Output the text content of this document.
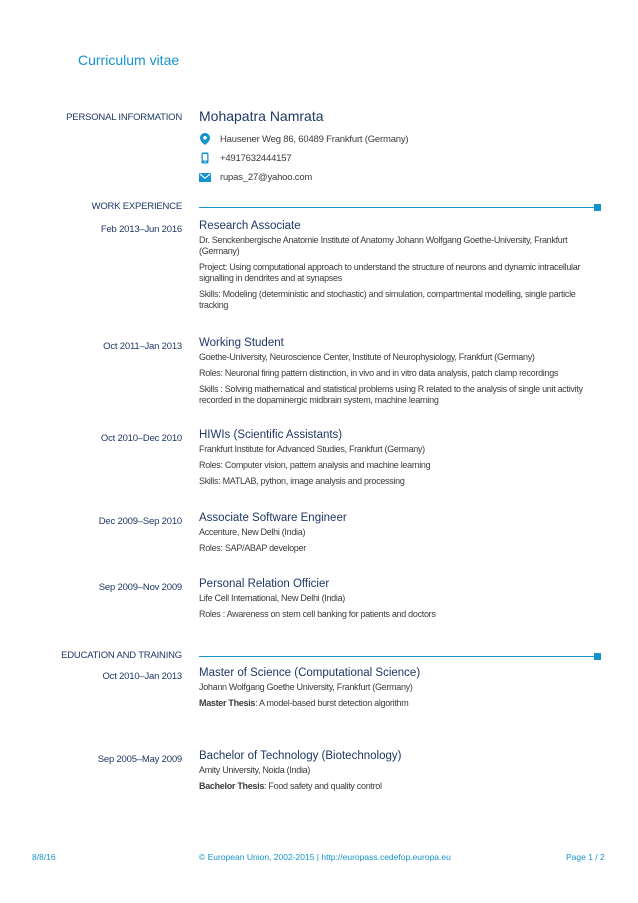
Curriculum vitae
PERSONAL INFORMATION Mohapatra Namrata
Hausener Weg 86, 60489 Frankfurt (Germany)
+4917632444157
rupas_27@yahoo.com
WORK EXPERIENCE
Feb 2013–Jun 2016 Research Associate
Dr. Senckenbergische Anatomie Institute of Anatomy Johann Wolfgang Goethe-University, Frankfurt (Germany)
Project: Using computational approach to understand the structure of neurons and dynamic intracellular signalling in dendrites and at synapses
Skills: Modeling (deterministic and stochastic) and simulation, compartmental modelling, single particle tracking
Oct 2011–Jan 2013 Working Student
Goethe-University, Neuroscience Center, Institute of Neurophysiology, Frankfurt (Germany)
Roles: Neuronal firing pattern distinction, in vivo and in vitro data analysis, patch clamp recordings
Skills : Solving mathematical and statistical problems using R related to the analysis of single unit activity recorded in the dopaminergic midbrain system, machine learning
Oct 2010–Dec 2010 HIWIs (Scientific Assistants)
Frankfurt Institute for Advanced Studies, Frankfurt (Germany)
Roles: Computer vision, pattern analysis and machine learning
Skills: MATLAB, python, image analysis and processing
Dec 2009–Sep 2010 Associate Software Engineer
Accenture, New Delhi (India)
Roles: SAP/ABAP developer
Sep 2009–Nov 2009 Personal Relation Officier
Life Cell International, New Delhi (India)
Roles : Awareness on stem cell banking for patients and doctors
EDUCATION AND TRAINING
Oct 2010–Jan 2013 Master of Science (Computational Science)
Johann Wolfgang Goethe University, Frankfurt (Germany)
Master Thesis: A model-based burst detection algorithm
Sep 2005–May 2009 Bachelor of Technology (Biotechnology)
Amity University, Noida (India)
Bachelor Thesis: Food safety and quality control
8/8/16	© European Union, 2002-2015 | http://europass.cedefop.europa.eu	Page 1 / 2
